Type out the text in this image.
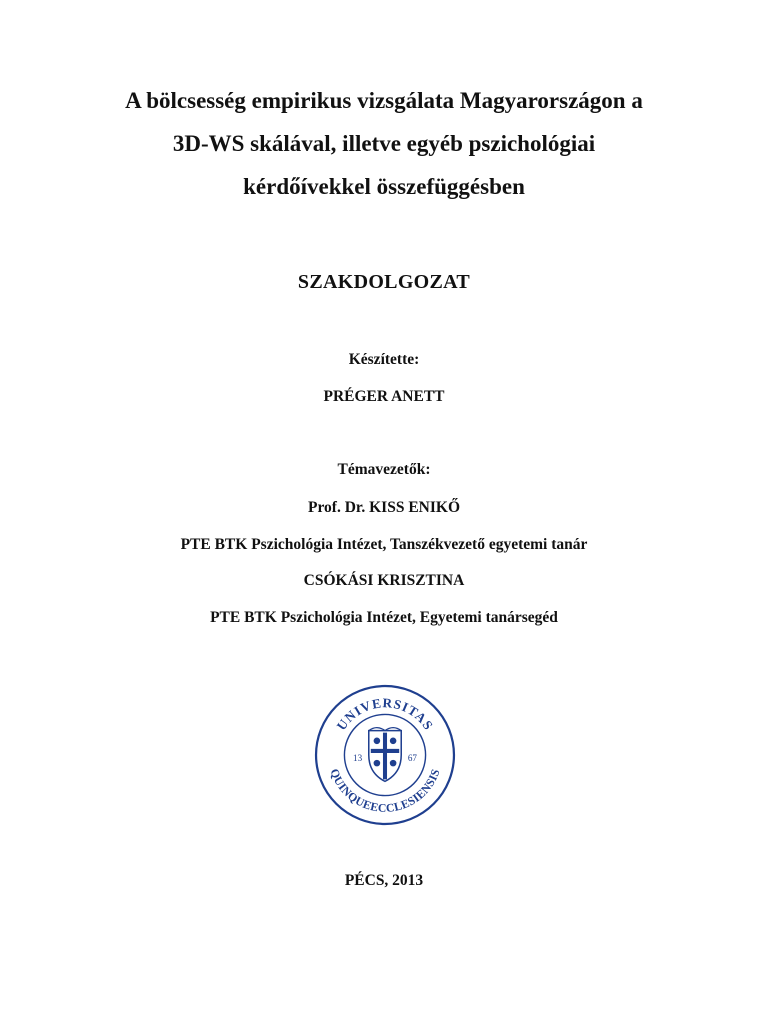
A bölcsesség empirikus vizsgálata Magyarországon a
3D-WS skálával, illetve egyéb pszichológiai
kérdőívekkel összefüggésben
SZAKDOLGOZAT
Készítette:
PRÉGER ANETT
Témavezetők:
Prof. Dr. KISS ENIKŐ
PTE BTK Pszichológia Intézet, Tanszékvezető egyetemi tanár
CSÓKÁSI KRISZTINA
PTE BTK Pszichológia Intézet, Egyetemi tanársegéd
UNIVERSITAS
QUINQUEECCLESIENSIS
13	67
PÉCS, 2013
